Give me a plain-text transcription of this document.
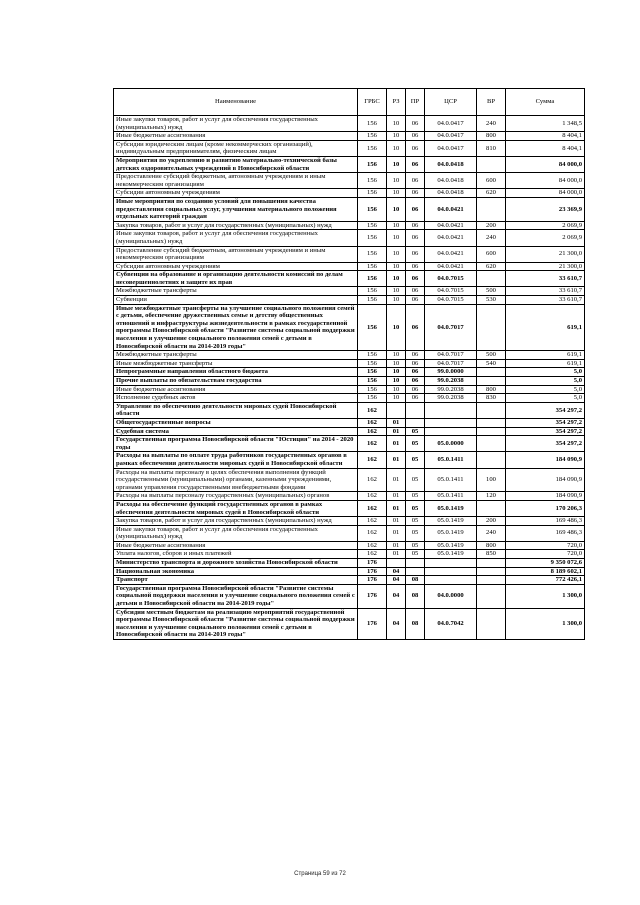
Наименование	ГРБС	РЗ	ПР	ЦСР	ВР	Сумма
Иные закупки товаров, работ и услуг для обеспечения государственных (муниципальных) нужд	156	10	06	04.0.0417	240	1 348,5
Иные бюджетные ассигнования	156	10	06	04.0.0417	800	8 404,1
Субсидии юридическим лицам (кроме некоммерческих организаций), индивидуальным предпринимателям, физическим лицам	156	10	06	04.0.0417	810	8 404,1
Мероприятия по укреплению и развитию материально-технической базы детских оздоровительных учреждений в Новосибирской области	156	10	06	04.0.0418		84 000,0
Предоставление субсидий бюджетным, автономным учреждениям и иным некоммерческим организациям	156	10	06	04.0.0418	600	84 000,0
Субсидии автономным учреждениям	156	10	06	04.0.0418	620	84 000,0
Иные мероприятия по созданию условий для повышения качества предоставления социальных услуг, улучшения материального положения отдельных категорий граждан	156	10	06	04.0.0421		23 369,9
Закупка товаров, работ и услуг для государственных (муниципальных) нужд	156	10	06	04.0.0421	200	2 069,9
Иные закупки товаров, работ и услуг для обеспечения государственных (муниципальных) нужд	156	10	06	04.0.0421	240	2 069,9
Предоставление субсидий бюджетным, автономным учреждениям и иным некоммерческим организациям	156	10	06	04.0.0421	600	21 300,0
Субсидии автономным учреждениям	156	10	06	04.0.0421	620	21 300,0
Субвенции на образование и организацию деятельности комиссий по делам несовершеннолетних и защите их прав	156	10	06	04.0.7015		33 610,7
Межбюджетные трансферты	156	10	06	04.0.7015	500	33 610,7
Субвенции	156	10	06	04.0.7015	530	33 610,7
Иные межбюджетные трансферты на улучшение социального положения семей с детьми, обеспечение дружественных семье и детству общественных отношений и инфраструктуры жизнедеятельности в рамках государственной программы Новосибирской области "Развитие системы социальной поддержки населения и улучшение социального положения семей с детьми в Новосибирской области на 2014-2019 годы"	156	10	06	04.0.7017		619,1
Межбюджетные трансферты	156	10	06	04.0.7017	500	619,1
Иные межбюджетные трансферты	156	10	06	04.0.7017	540	619,1
Непрограммные направления областного бюджета	156	10	06	99.0.0000		5,0
Прочие выплаты по обязательствам государства	156	10	06	99.0.2038		5,0
Иные бюджетные ассигнования	156	10	06	99.0.2038	800	5,0
Исполнение судебных актов	156	10	06	99.0.2038	830	5,0
Управление по обеспечению деятельности мировых судей Новосибирской области	162					354 297,2
Общегосударственные вопросы	162	01				354 297,2
Судебная система	162	01	05			354 297,2
Государственная программа Новосибирской области "Юстиция" на 2014 - 2020 годы	162	01	05	05.0.0000		354 297,2
Расходы на выплаты по оплате труда работников государственных органов в рамках обеспечения деятельности мировых судей в Новосибирской области	162	01	05	05.0.1411		184 090,9
Расходы на выплаты персоналу в целях обеспечения выполнения функций государственными (муниципальными) органами, казенными учреждениями, органами управления государственными внебюджетными фондами	162	01	05	05.0.1411	100	184 090,9
Расходы на выплаты персоналу государственных (муниципальных) органов	162	01	05	05.0.1411	120	184 090,9
Расходы на обеспечение функций государственных органов в рамках обеспечения деятельности мировых судей в Новосибирской области	162	01	05	05.0.1419		170 206,3
Закупка товаров, работ и услуг для государственных (муниципальных) нужд	162	01	05	05.0.1419	200	169 486,3
Иные закупки товаров, работ и услуг для обеспечения государственных (муниципальных) нужд	162	01	05	05.0.1419	240	169 486,3
Иные бюджетные ассигнования	162	01	05	05.0.1419	800	720,0
Уплата налогов, сборов и иных платежей	162	01	05	05.0.1419	850	720,0
Министерство транспорта и дорожного хозяйства Новосибирской области	176					9 350 072,6
Национальная экономика	176	04				8 189 602,1
Транспорт	176	04	08			772 426,1
Государственная программа Новосибирской области "Развитие системы социальной поддержки населения и улучшение социального положения семей с детьми в Новосибирской области на 2014-2019 годы"	176	04	08	04.0.0000		1 300,0
Субсидии местным бюджетам на реализацию мероприятий государственной программы Новосибирской области "Развитие системы социальной поддержки населения и улучшение социального положения семей с детьми в Новосибирской области на 2014-2019 годы"	176	04	08	04.0.7042		1 300,0
Страница 59 из 72
